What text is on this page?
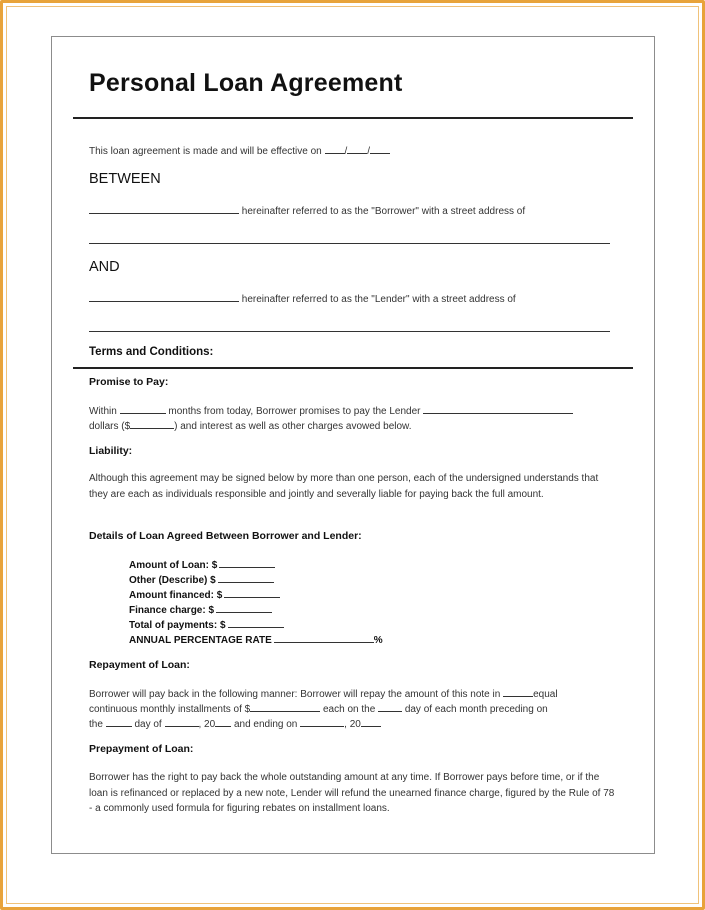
Personal Loan Agreement
This loan agreement is made and will be effective on / /
BETWEEN
hereinafter referred to as the "Borrower" with a street address of
AND
hereinafter referred to as the "Lender" with a street address of
Terms and Conditions:
Promise to Pay:
Within	months from today, Borrower promises to pay the Lender
dollars ($	) and interest as well as other charges avowed below.
Liability:
Although this agreement may be signed below by more than one person, each of the undersigned understands that they are each as individuals responsible and jointly and severally liable for paying back the full amount.
Details of Loan Agreed Between Borrower and Lender:
Amount of Loan: $
Other (Describe) $
Amount financed: $
Finance charge: $
Total of payments: $
ANNUAL PERCENTAGE RATE	%
Repayment of Loan:
Borrower will pay back in the following manner: Borrower will repay the amount of this note in	equal
continuous monthly installments of $	each on the	day of each month preceding on
the	day of	, 20 and ending on	, 20
Prepayment of Loan:
Borrower has the right to pay back the whole outstanding amount at any time. If Borrower pays before time, or if the loan is refinanced or replaced by a new note, Lender will refund the unearned finance charge, figured by the Rule of 78 - a commonly used formula for figuring rebates on installment loans.
